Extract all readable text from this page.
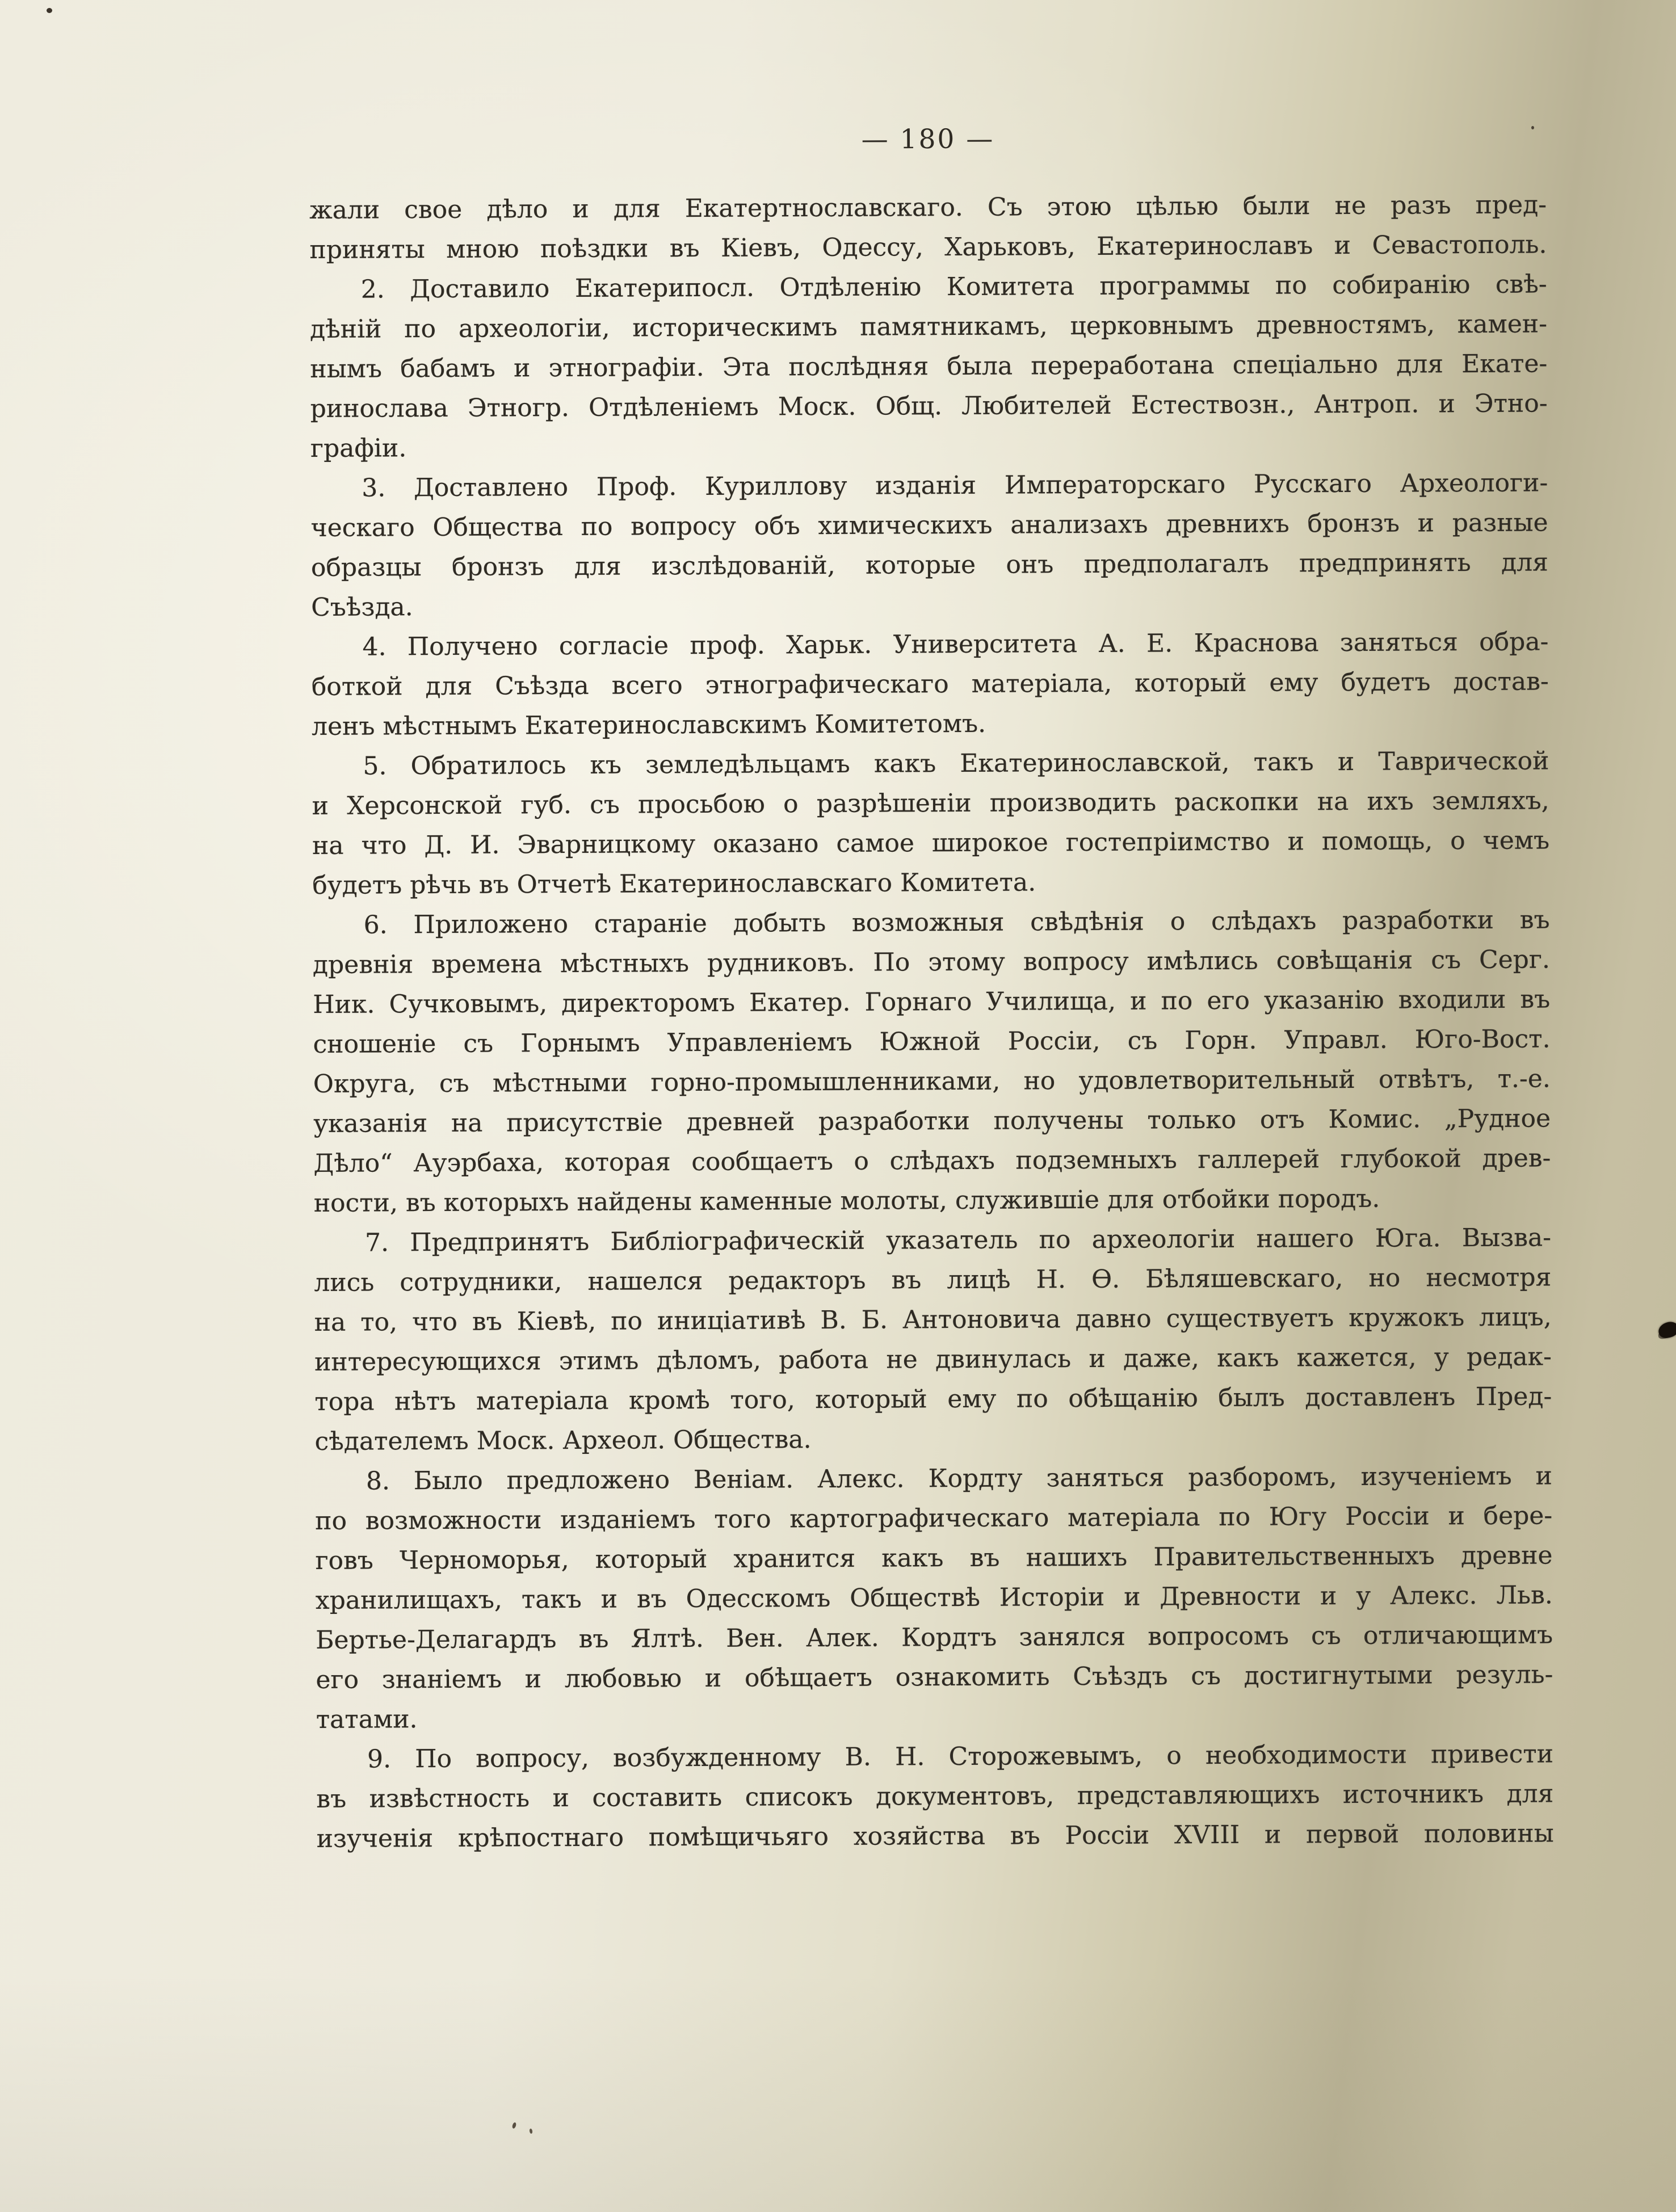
— 180 —
жали свое дѣло и для Екатертнославскаго. Съ этою цѣлью были не разъ пред-
приняты мною поѣздки въ Кіевъ, Одессу, Харьковъ, Екатеринославъ и Севастополь.
2. Доставило Екатерипосл. Отдѣленію Комитета программы по собиранію свѣ-
дѣній по археологіи, историческимъ памятникамъ, церковнымъ древностямъ, камен-
нымъ бабамъ и этнографіи. Эта послѣдняя была переработана спеціально для Екате-
ринослава Этногр. Отдѣленіемъ Моск. Общ. Любителей Естествозн., Антроп. и Этно-
графіи.
3. Доставлено Проф. Куриллову изданія Императорскаго Русскаго Археологи-
ческаго Общества по вопросу объ химическихъ анализахъ древнихъ бронзъ и разные
образцы бронзъ для изслѣдованій, которые онъ предполагалъ предпринять для
Съѣзда.
4. Получено согласіе проф. Харьк. Университета А. Е. Краснова заняться обра-
боткой для Съѣзда всего этнографическаго матеріала, который ему будетъ достав-
ленъ мѣстнымъ Екатеринославскимъ Комитетомъ.
5. Обратилось къ земледѣльцамъ какъ Екатеринославской, такъ и Таврической
и Херсонской губ. съ просьбою о разрѣшеніи производить раскопки на ихъ земляхъ,
на что Д. И. Эварницкому оказано самое широкое гостепріимство и помощь, о чемъ
будетъ рѣчь въ Отчетѣ Екатеринославскаго Комитета.
6. Приложено стараніе добыть возможныя свѣдѣнія о слѣдахъ разработки въ
древнія времена мѣстныхъ рудниковъ. По этому вопросу имѣлись совѣщанія съ Серг.
Ник. Сучковымъ, директоромъ Екатер. Горнаго Училища, и по его указанію входили въ
сношеніе съ Горнымъ Управленіемъ Южной Россіи, съ Горн. Управл. Юго-Вост.
Округа, съ мѣстными горно-промышленниками, но удовлетворительный отвѣтъ, т.-е.
указанія на присутствіе древней разработки получены только отъ Комис. „Рудное
Дѣло“ Ауэрбаха, которая сообщаетъ о слѣдахъ подземныхъ галлерей глубокой древ-
ности, въ которыхъ найдены каменные молоты, служившіе для отбойки породъ.
7. Предпринятъ Библіографическій указатель по археологіи нашего Юга. Вызва-
лись сотрудники, нашелся редакторъ въ лицѣ Н. Ѳ. Бѣляшевскаго, но несмотря
на то, что въ Кіевѣ, по иниціативѣ В. Б. Антоновича давно существуетъ кружокъ лицъ,
интересующихся этимъ дѣломъ, работа не двинулась и даже, какъ кажется, у редак-
тора нѣтъ матеріала кромѣ того, который ему по обѣщанію былъ доставленъ Пред-
сѣдателемъ Моск. Археол. Общества.
8. Было предложено Веніам. Алекс. Кордту заняться разборомъ, изученіемъ и
по возможности изданіемъ того картографическаго матеріала по Югу Россіи и бере-
говъ Черноморья, который хранится какъ въ нашихъ Правительственныхъ древне
хранилищахъ, такъ и въ Одесскомъ Обществѣ Исторіи и Древности и у Алекс. Льв.
Бертье-Делагардъ въ Ялтѣ. Вен. Алек. Кордтъ занялся вопросомъ съ отличающимъ
его знаніемъ и любовью и обѣщаетъ ознакомить Съѣздъ съ достигнутыми резуль-
татами.
9. По вопросу, возбужденному В. Н. Сторожевымъ, о необходимости привести
въ извѣстность и составить списокъ документовъ, представляющихъ источникъ для
изученія крѣпостнаго помѣщичьяго хозяйства въ Россіи XVIII и первой половины
